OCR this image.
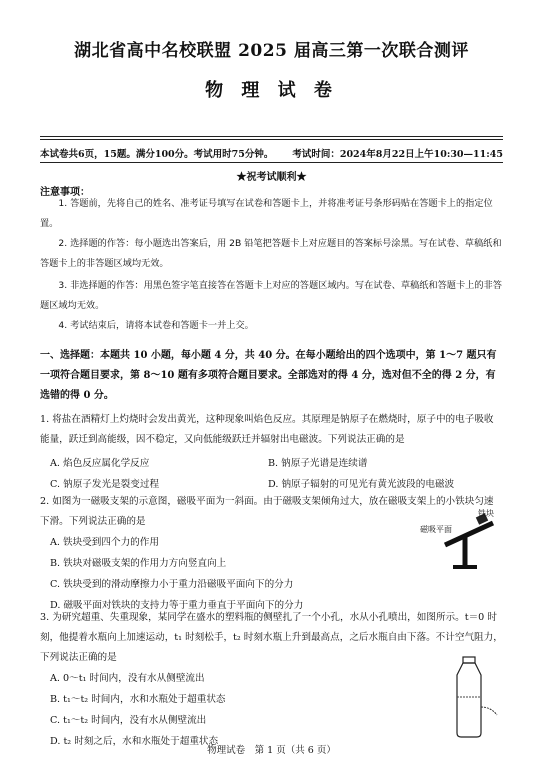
湖北省高中名校联盟 2025 届高三第一次联合测评
物 理 试 卷
本试卷共6页，15题。满分100分。考试用时75分钟。 考试时间：2024年8月22日上午10:30—11:45
★祝考试顺利★
注意事项：
1. 答题前，先将自己的姓名、准考证号填写在试卷和答题卡上，并将准考证号条形码贴在答题卡上的指定位置。
2. 选择题的作答：每小题选出答案后，用 2B 铅笔把答题卡上对应题目的答案标号涂黑。写在试卷、草稿纸和答题卡上的非答题区域均无效。
3. 非选择题的作答：用黑色签字笔直接答在答题卡上对应的答题区域内。写在试卷、草稿纸和答题卡上的非答题区域均无效。
4. 考试结束后，请将本试卷和答题卡一并上交。
一、选择题：本题共 10 小题，每小题 4 分，共 40 分。在每小题给出的四个选项中，第 1～7 题只有一项符合题目要求，第 8～10 题有多项符合题目要求。全部选对的得 4 分，选对但不全的得 2 分，有选错的得 0 分。
1. 将盐在酒精灯上灼烧时会发出黄光，这种现象叫焰色反应。其原理是钠原子在燃烧时，原子中的电子吸收能量，跃迁到高能级，因不稳定，又向低能级跃迁并辐射出电磁波。下列说法正确的是
A. 焰色反应属化学反应	B. 钠原子光谱是连续谱
C. 钠原子发光是裂变过程	D. 钠原子辐射的可见光有黄光波段的电磁波
2. 如图为一磁吸支架的示意图，磁吸平面为一斜面。由于磁吸支架倾角过大，放在磁吸支架上的小铁块匀速下滑。下列说法正确的是
A. 铁块受到四个力的作用
B. 铁块对磁吸支架的作用力方向竖直向上
C. 铁块受到的滑动摩擦力小于重力沿磁吸平面向下的分力
D. 磁吸平面对铁块的支持力等于重力垂直于平面向下的分力
铁块
磁吸平面
3. 为研究超重、失重现象，某同学在盛水的塑料瓶的侧壁扎了一个小孔，水从小孔喷出，如图所示。t＝0 时刻，他提着水瓶向上加速运动，t₁ 时刻松手，t₂ 时刻水瓶上升到最高点，之后水瓶自由下落。不计空气阻力，下列说法正确的是
A. 0～t₁ 时间内，没有水从侧壁流出
B. t₁～t₂ 时间内，水和水瓶处于超重状态
C. t₁～t₂ 时间内，没有水从侧壁流出
D. t₂ 时刻之后，水和水瓶处于超重状态
物理试卷　第 1 页（共 6 页）
